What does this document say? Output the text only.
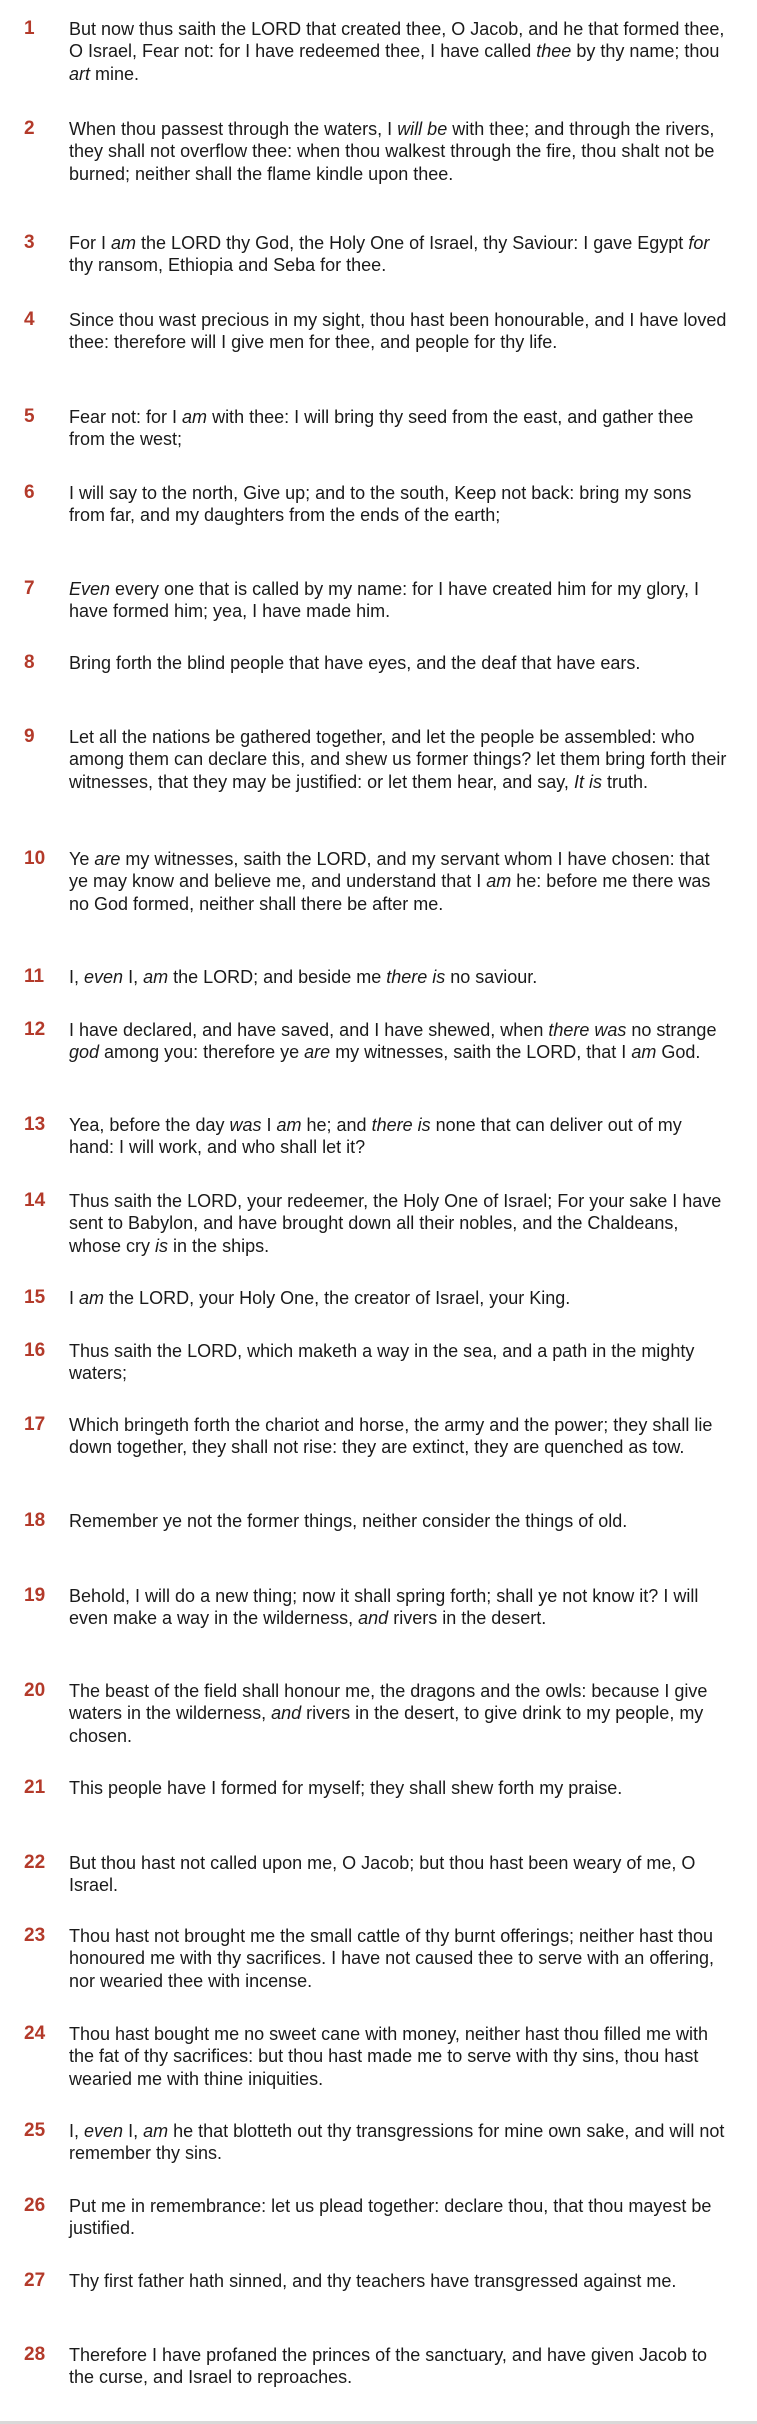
1	But now thus saith the LORD that created thee, O Jacob, and he that formed thee, O Israel, Fear not: for I have redeemed thee, I have called thee by thy name; thou art mine.
2	When thou passest through the waters, I will be with thee; and through the rivers, they shall not overflow thee: when thou walkest through the fire, thou shalt not be burned; neither shall the flame kindle upon thee.
3	For I am the LORD thy God, the Holy One of Israel, thy Saviour: I gave Egypt for thy ransom, Ethiopia and Seba for thee.
4	Since thou wast precious in my sight, thou hast been honourable, and I have loved thee: therefore will I give men for thee, and people for thy life.
5	Fear not: for I am with thee: I will bring thy seed from the east, and gather thee from the west;
6	I will say to the north, Give up; and to the south, Keep not back: bring my sons from far, and my daughters from the ends of the earth;
7	Even every one that is called by my name: for I have created him for my glory, I have formed him; yea, I have made him.
8	Bring forth the blind people that have eyes, and the deaf that have ears.
9	Let all the nations be gathered together, and let the people be assembled: who among them can declare this, and shew us former things? let them bring forth their witnesses, that they may be justified: or let them hear, and say, It is truth.
10	Ye are my witnesses, saith the LORD, and my servant whom I have chosen: that ye may know and believe me, and understand that I am he: before me there was no God formed, neither shall there be after me.
11	I, even I, am the LORD; and beside me there is no saviour.
12	I have declared, and have saved, and I have shewed, when there was no strange god among you: therefore ye are my witnesses, saith the LORD, that I am God.
13	Yea, before the day was I am he; and there is none that can deliver out of my hand: I will work, and who shall let it?
14	Thus saith the LORD, your redeemer, the Holy One of Israel; For your sake I have sent to Babylon, and have brought down all their nobles, and the Chaldeans, whose cry is in the ships.
15	I am the LORD, your Holy One, the creator of Israel, your King.
16	Thus saith the LORD, which maketh a way in the sea, and a path in the mighty waters;
17	Which bringeth forth the chariot and horse, the army and the power; they shall lie down together, they shall not rise: they are extinct, they are quenched as tow.
18	Remember ye not the former things, neither consider the things of old.
19	Behold, I will do a new thing; now it shall spring forth; shall ye not know it? I will even make a way in the wilderness, and rivers in the desert.
20	The beast of the field shall honour me, the dragons and the owls: because I give waters in the wilderness, and rivers in the desert, to give drink to my people, my chosen.
21	This people have I formed for myself; they shall shew forth my praise.
22	But thou hast not called upon me, O Jacob; but thou hast been weary of me, O Israel.
23	Thou hast not brought me the small cattle of thy burnt offerings; neither hast thou honoured me with thy sacrifices. I have not caused thee to serve with an offering, nor wearied thee with incense.
24	Thou hast bought me no sweet cane with money, neither hast thou filled me with the fat of thy sacrifices: but thou hast made me to serve with thy sins, thou hast wearied me with thine iniquities.
25	I, even I, am he that blotteth out thy transgressions for mine own sake, and will not remember thy sins.
26	Put me in remembrance: let us plead together: declare thou, that thou mayest be justified.
27	Thy first father hath sinned, and thy teachers have transgressed against me.
28	Therefore I have profaned the princes of the sanctuary, and have given Jacob to the curse, and Israel to reproaches.
